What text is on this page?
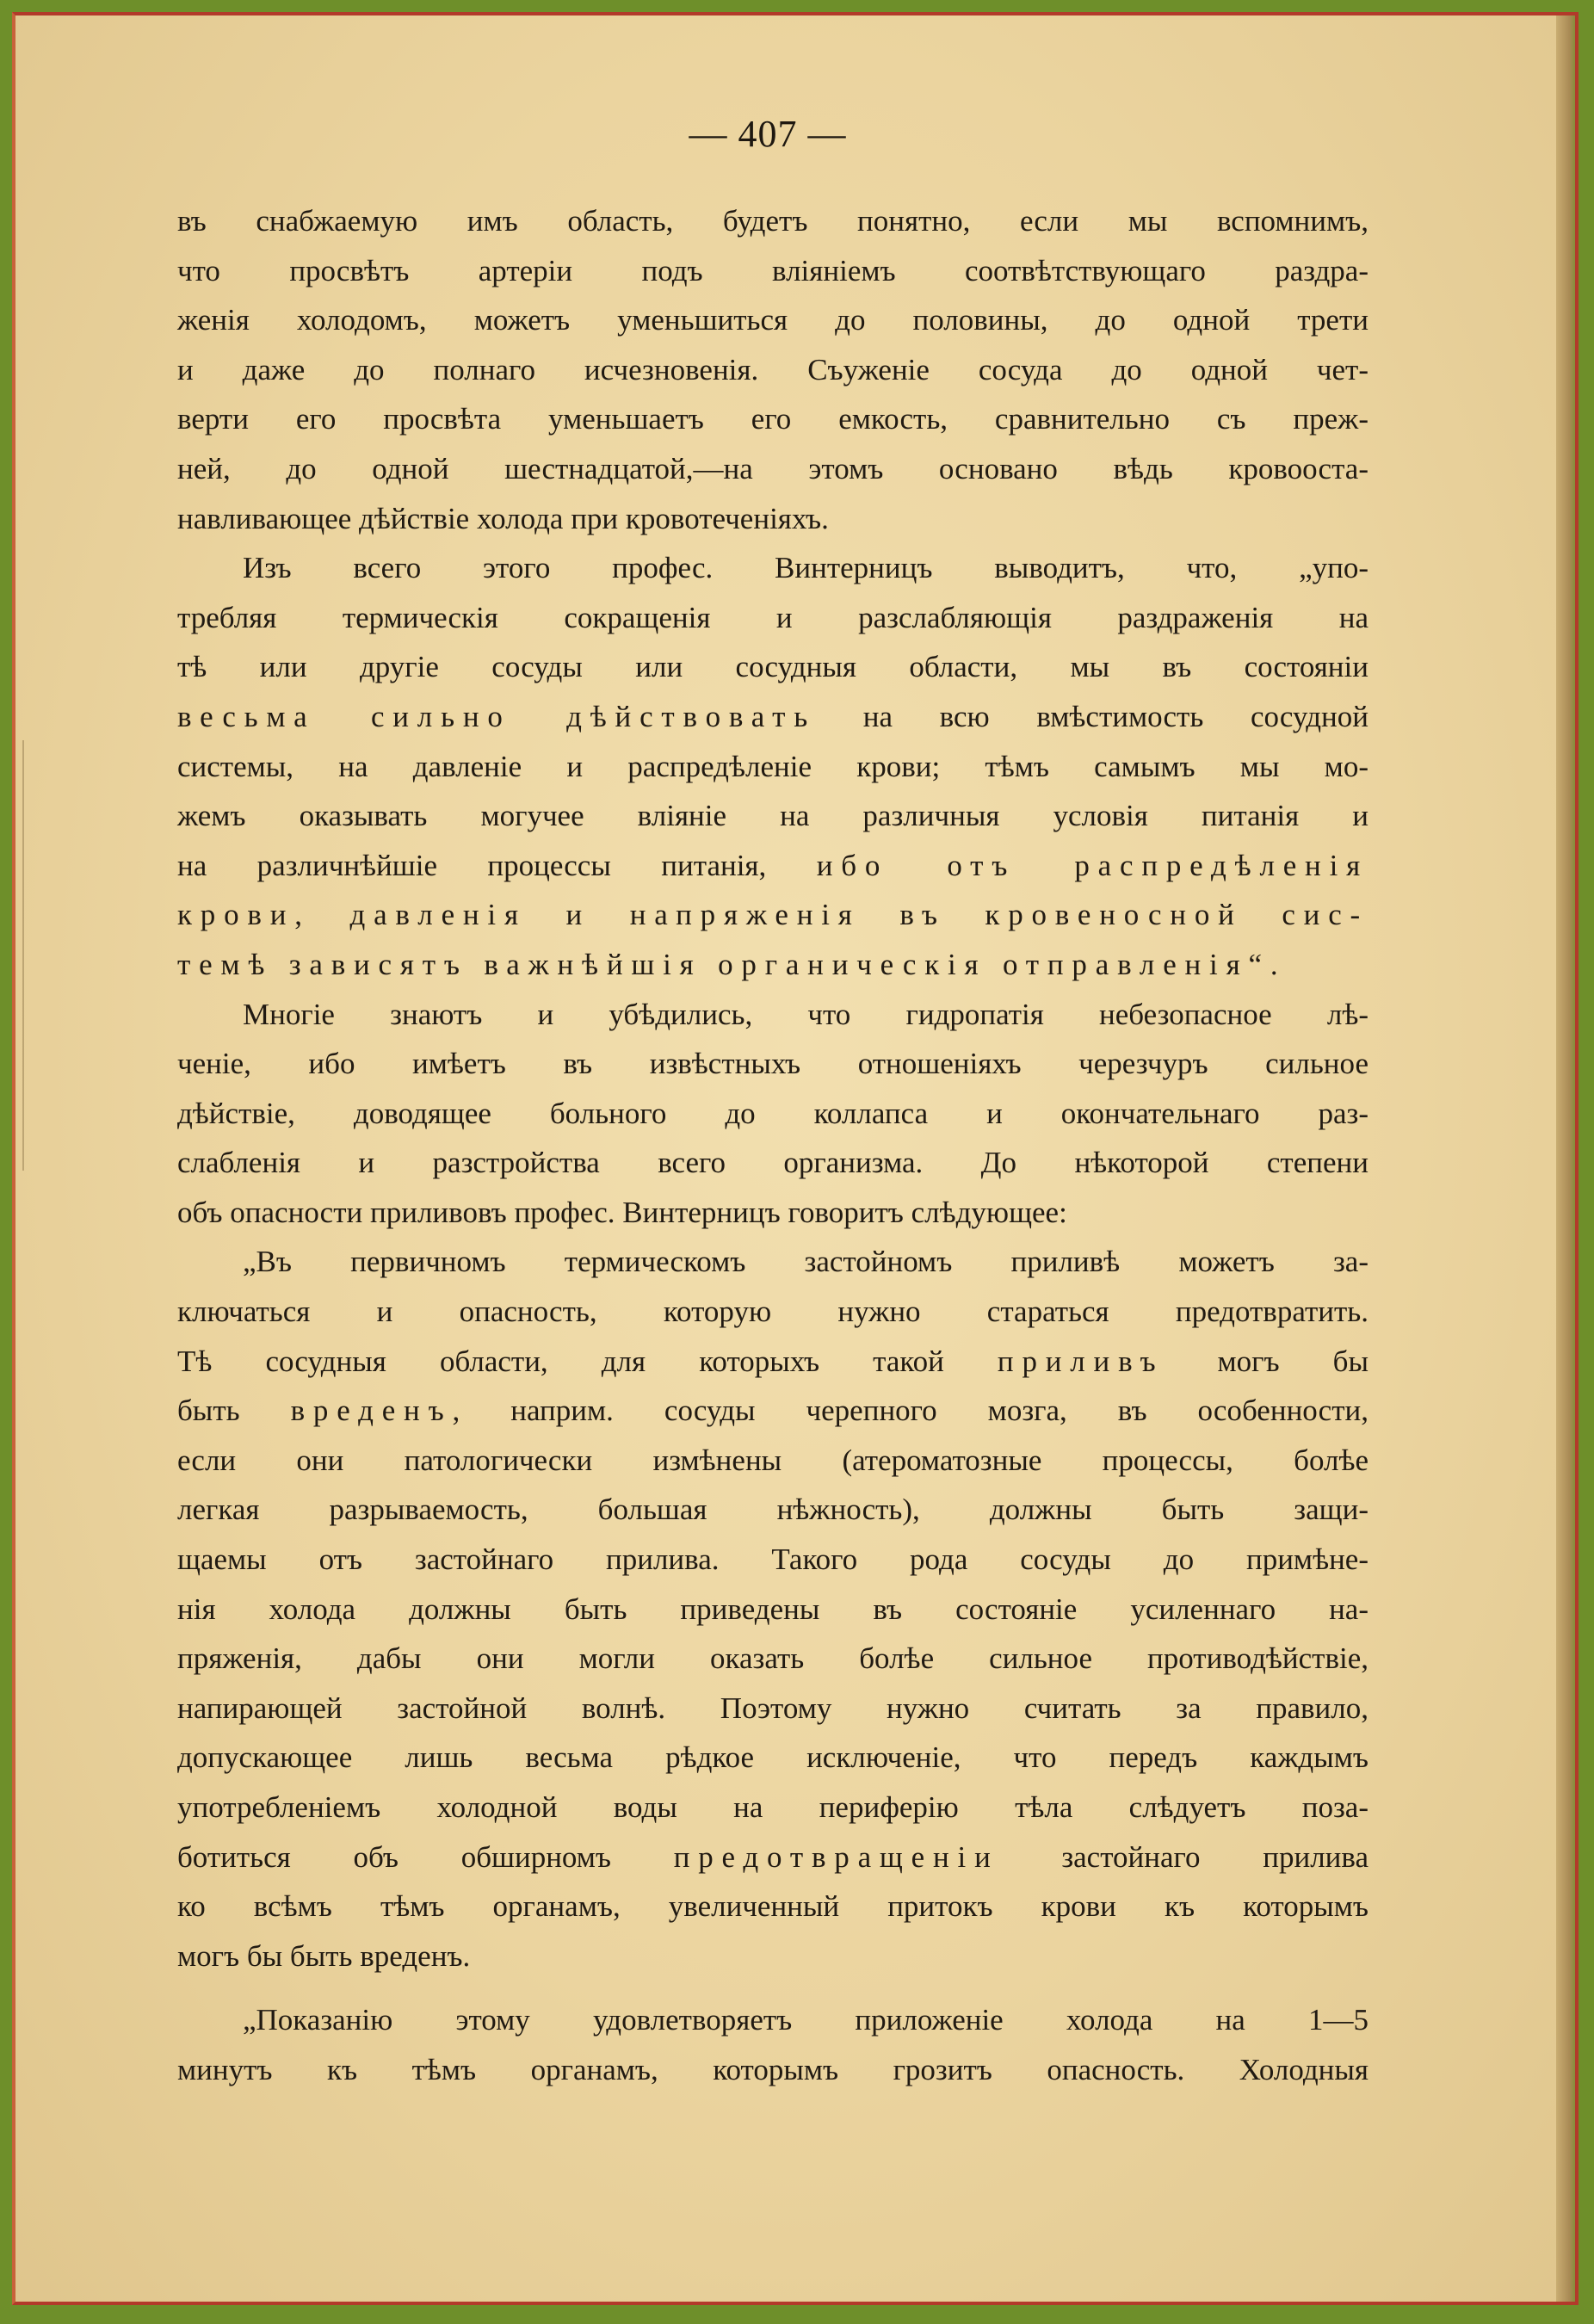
— 407 —
въ снабжаемую имъ область, будетъ понятно, если мы вспомнимъ,
что просвѣтъ артеріи подъ вліяніемъ соотвѣтствующаго раздра-
женія холодомъ, можетъ уменьшиться до половины, до одной трети
и даже до полнаго исчезновенія. Съуженіе сосуда до одной чет-
верти его просвѣта уменьшаетъ его емкость, сравнительно съ преж-
ней, до одной шестнадцатой,—на этомъ основано вѣдь кровооста-
навливающее дѣйствіе холода при кровотеченіяхъ.
Изъ всего этого профес. Винтерницъ выводитъ, что, „упо-
требляя термическія сокращенія и разслабляющія раздраженія на
тѣ или другіе сосуды или сосудныя области, мы въ состояніи
весьма сильно дѣйствовать на всю вмѣстимость сосудной
системы, на давленіе и распредѣленіе крови; тѣмъ самымъ мы мо-
жемъ оказывать могучее вліяніе на различныя условія питанія и
на различнѣйшіе процессы питанія, ибо отъ распредѣленія
крови, давленія и напряженія въ кровеносной сис-
темѣ зависятъ важнѣйшія органическія отправленія“.
Многіе знаютъ и убѣдились, что гидропатія небезопасное лѣ-
ченіе, ибо имѣетъ въ извѣстныхъ отношеніяхъ черезчуръ сильное
дѣйствіе, доводящее больного до коллапса и окончательнаго раз-
слабленія и разстройства всего организма. До нѣкоторой степени
объ опасности приливовъ профес. Винтерницъ говоритъ слѣдующее:
„Въ первичномъ термическомъ застойномъ приливѣ можетъ за-
ключаться и опасность, которую нужно стараться предотвратить.
Тѣ сосудныя области, для которыхъ такой приливъ могъ бы
быть вреденъ, наприм. сосуды черепного мозга, въ особенности,
если они патологически измѣнены (атероматозные процессы, болѣе
легкая разрываемость, большая нѣжность), должны быть защи-
щаемы отъ застойнаго прилива. Такого рода сосуды до примѣне-
нія холода должны быть приведены въ состояніе усиленнаго на-
пряженія, дабы они могли оказать болѣе сильное противодѣйствіе,
напирающей застойной волнѣ. Поэтому нужно считать за правило,
допускающее лишь весьма рѣдкое исключеніе, что передъ каждымъ
употребленіемъ холодной воды на периферію тѣла слѣдуетъ поза-
ботиться объ обширномъ предотвращеніи застойнаго прилива
ко всѣмъ тѣмъ органамъ, увеличенный притокъ крови къ которымъ
могъ бы быть вреденъ.
„Показанію этому удовлетворяетъ приложеніе холода на 1—5
минутъ къ тѣмъ органамъ, которымъ грозитъ опасность. Холодныя
